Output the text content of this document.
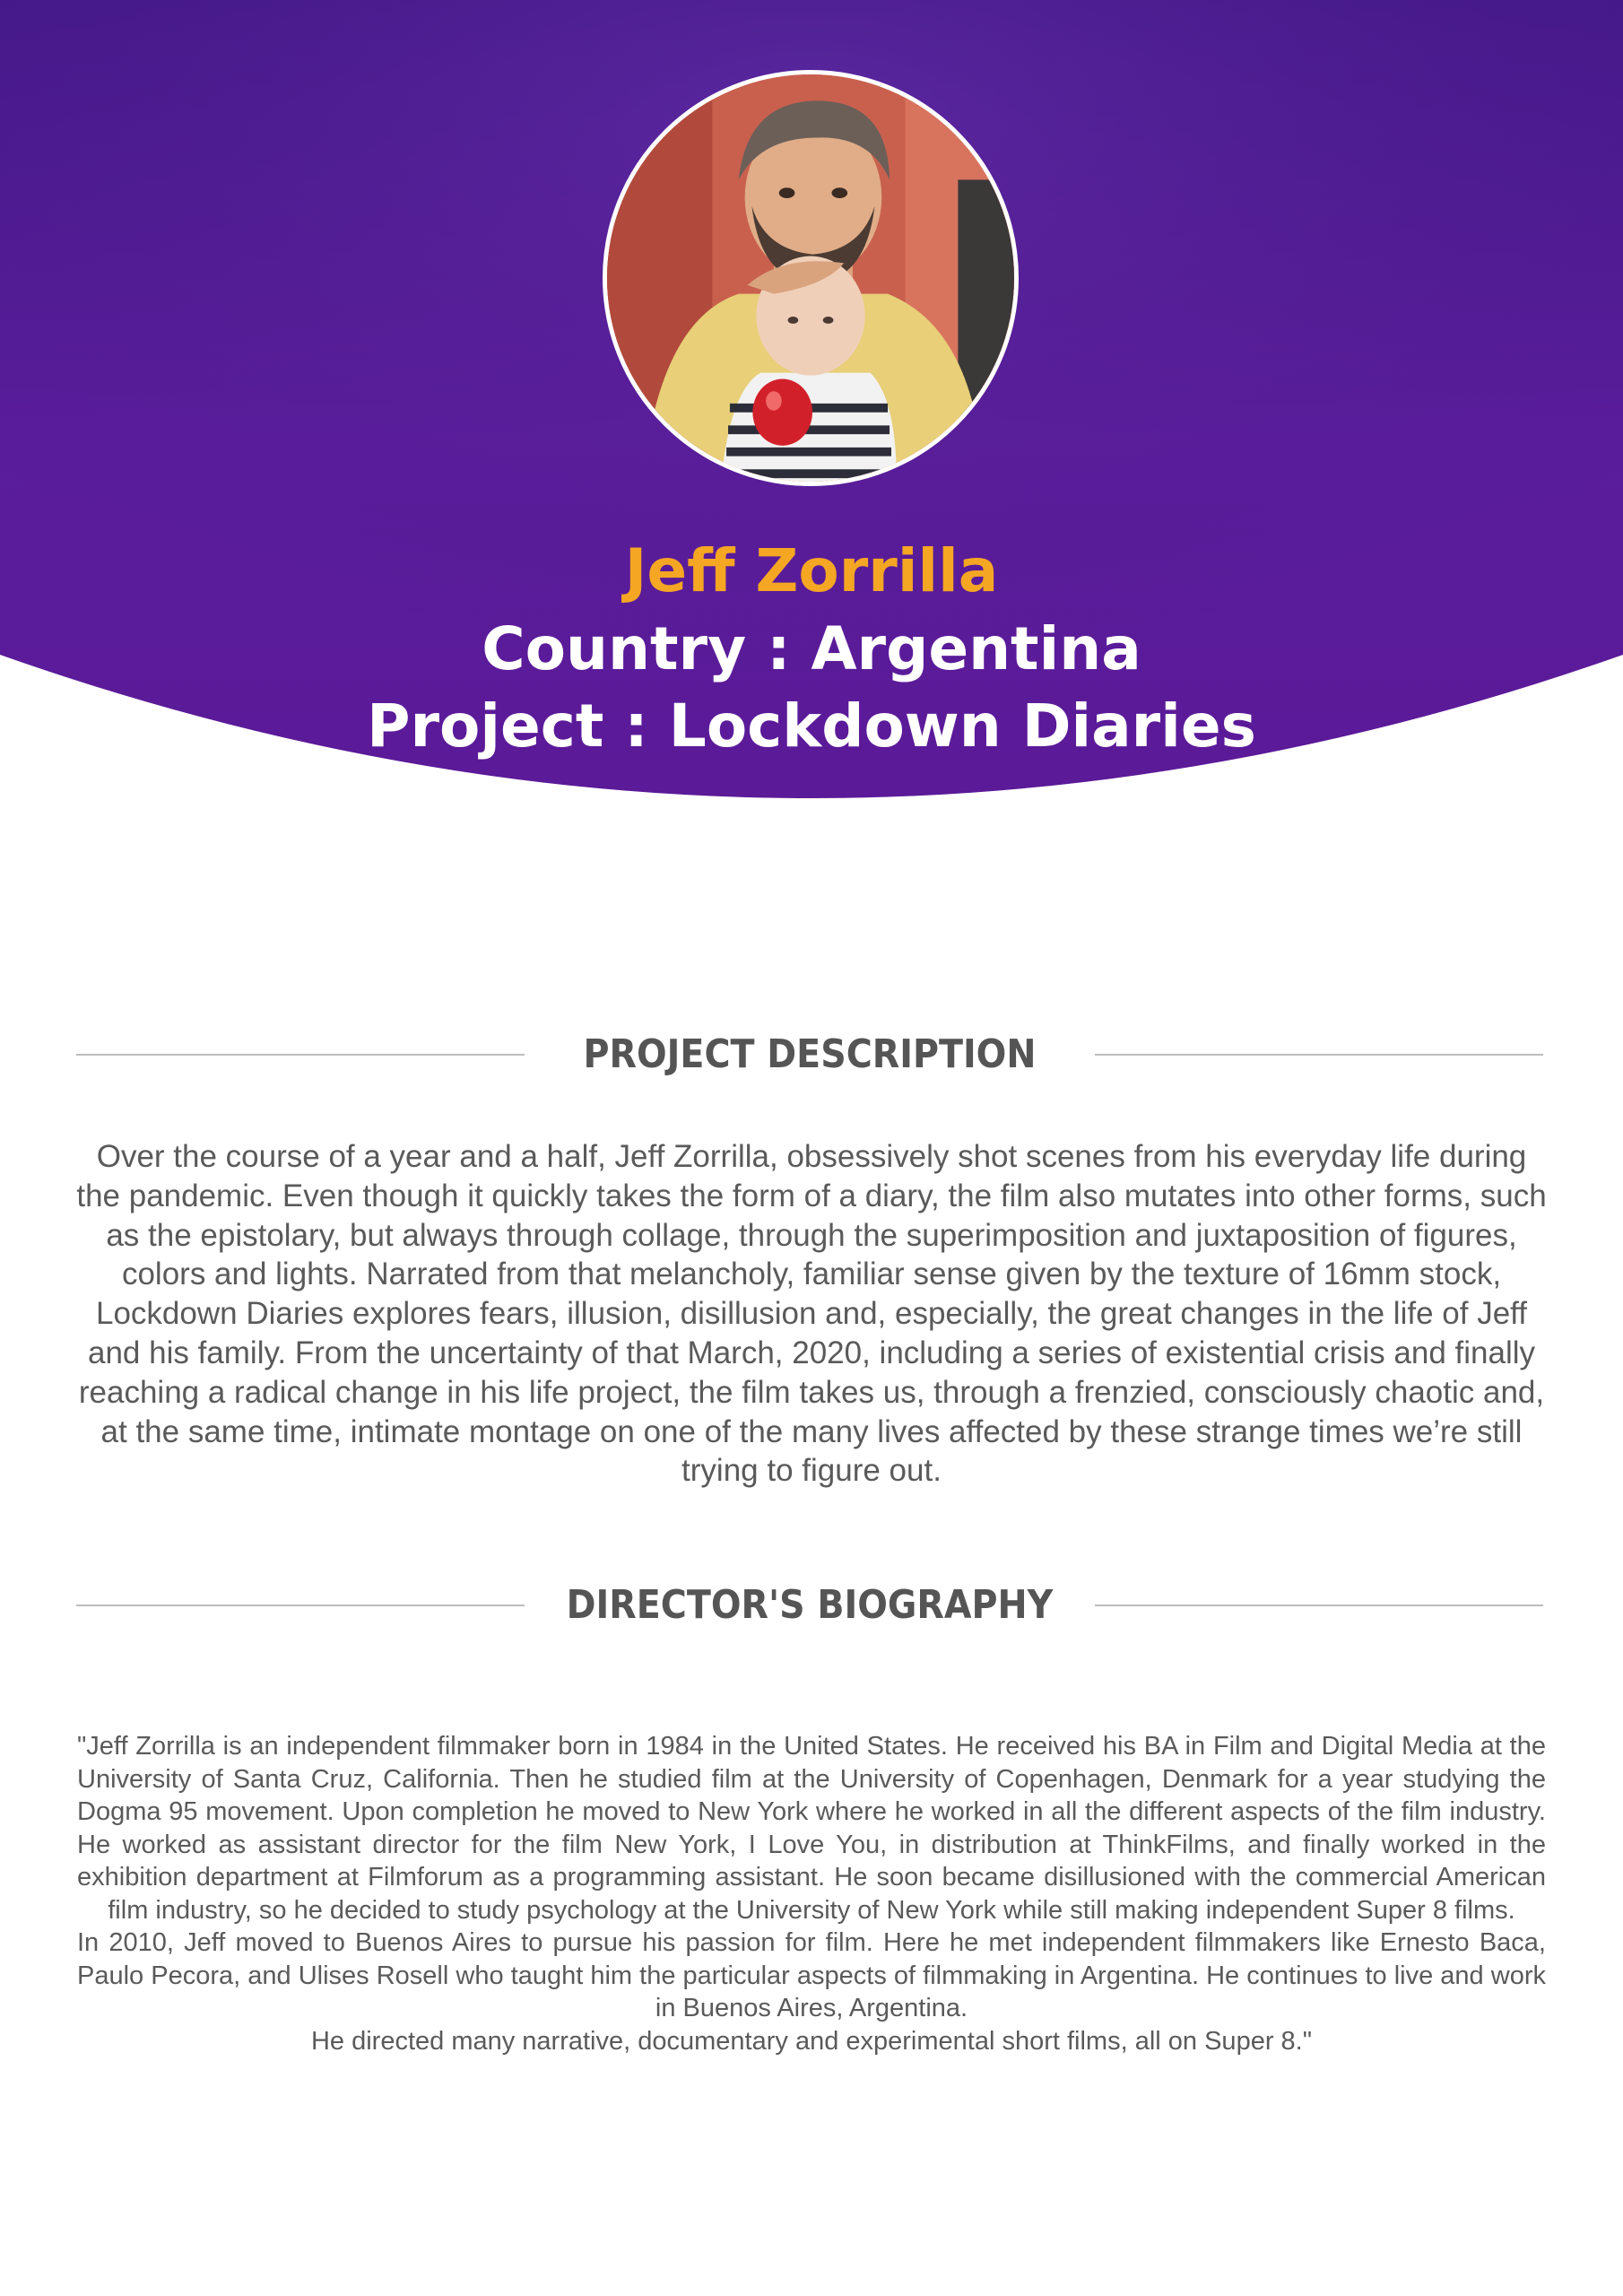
Jeff Zorrilla
Country : Argentina
Project : Lockdown Diaries
PROJECT DESCRIPTION

Over the course of a year and a half, Jeff Zorrilla, obsessively shot scenes from his everyday life during the pandemic. Even though it quickly takes the form of a diary, the film also mutates into other forms, such as the epistolary, but always through collage, through the superimposition and juxtaposition of figures, colors and lights. Narrated from that melancholy, familiar sense given by the texture of 16mm stock, Lockdown Diaries explores fears, illusion, disillusion and, especially, the great changes in the life of Jeff and his family. From the uncertainty of that March, 2020, including a series of existential crisis and finally reaching a radical change in his life project, the film takes us, through a frenzied, consciously chaotic and, at the same time, intimate montage on one of the many lives affected by these strange times we’re still trying to figure out.

DIRECTOR'S BIOGRAPHY

"Jeff Zorrilla is an independent filmmaker born in 1984 in the United States. He received his BA in Film and Digital Media at the University of Santa Cruz, California. Then he studied film at the University of Copenhagen, Denmark for a year studying the Dogma 95 movement. Upon completion he moved to New York where he worked in all the different aspects of the film industry. He worked as assistant director for the film New York, I Love You, in distribution at ThinkFilms, and finally worked in the exhibition department at Filmforum as a programming assistant. He soon became disillusioned with the commercial American film industry, so he decided to study psychology at the University of New York while still making independent Super 8 films.

In 2010, Jeff moved to Buenos Aires to pursue his passion for film. Here he met independent filmmakers like Ernesto Baca, Paulo Pecora, and Ulises Rosell who taught him the particular aspects of filmmaking in Argentina. He continues to live and work in Buenos Aires, Argentina.

He directed many narrative, documentary and experimental short films, all on Super 8."
